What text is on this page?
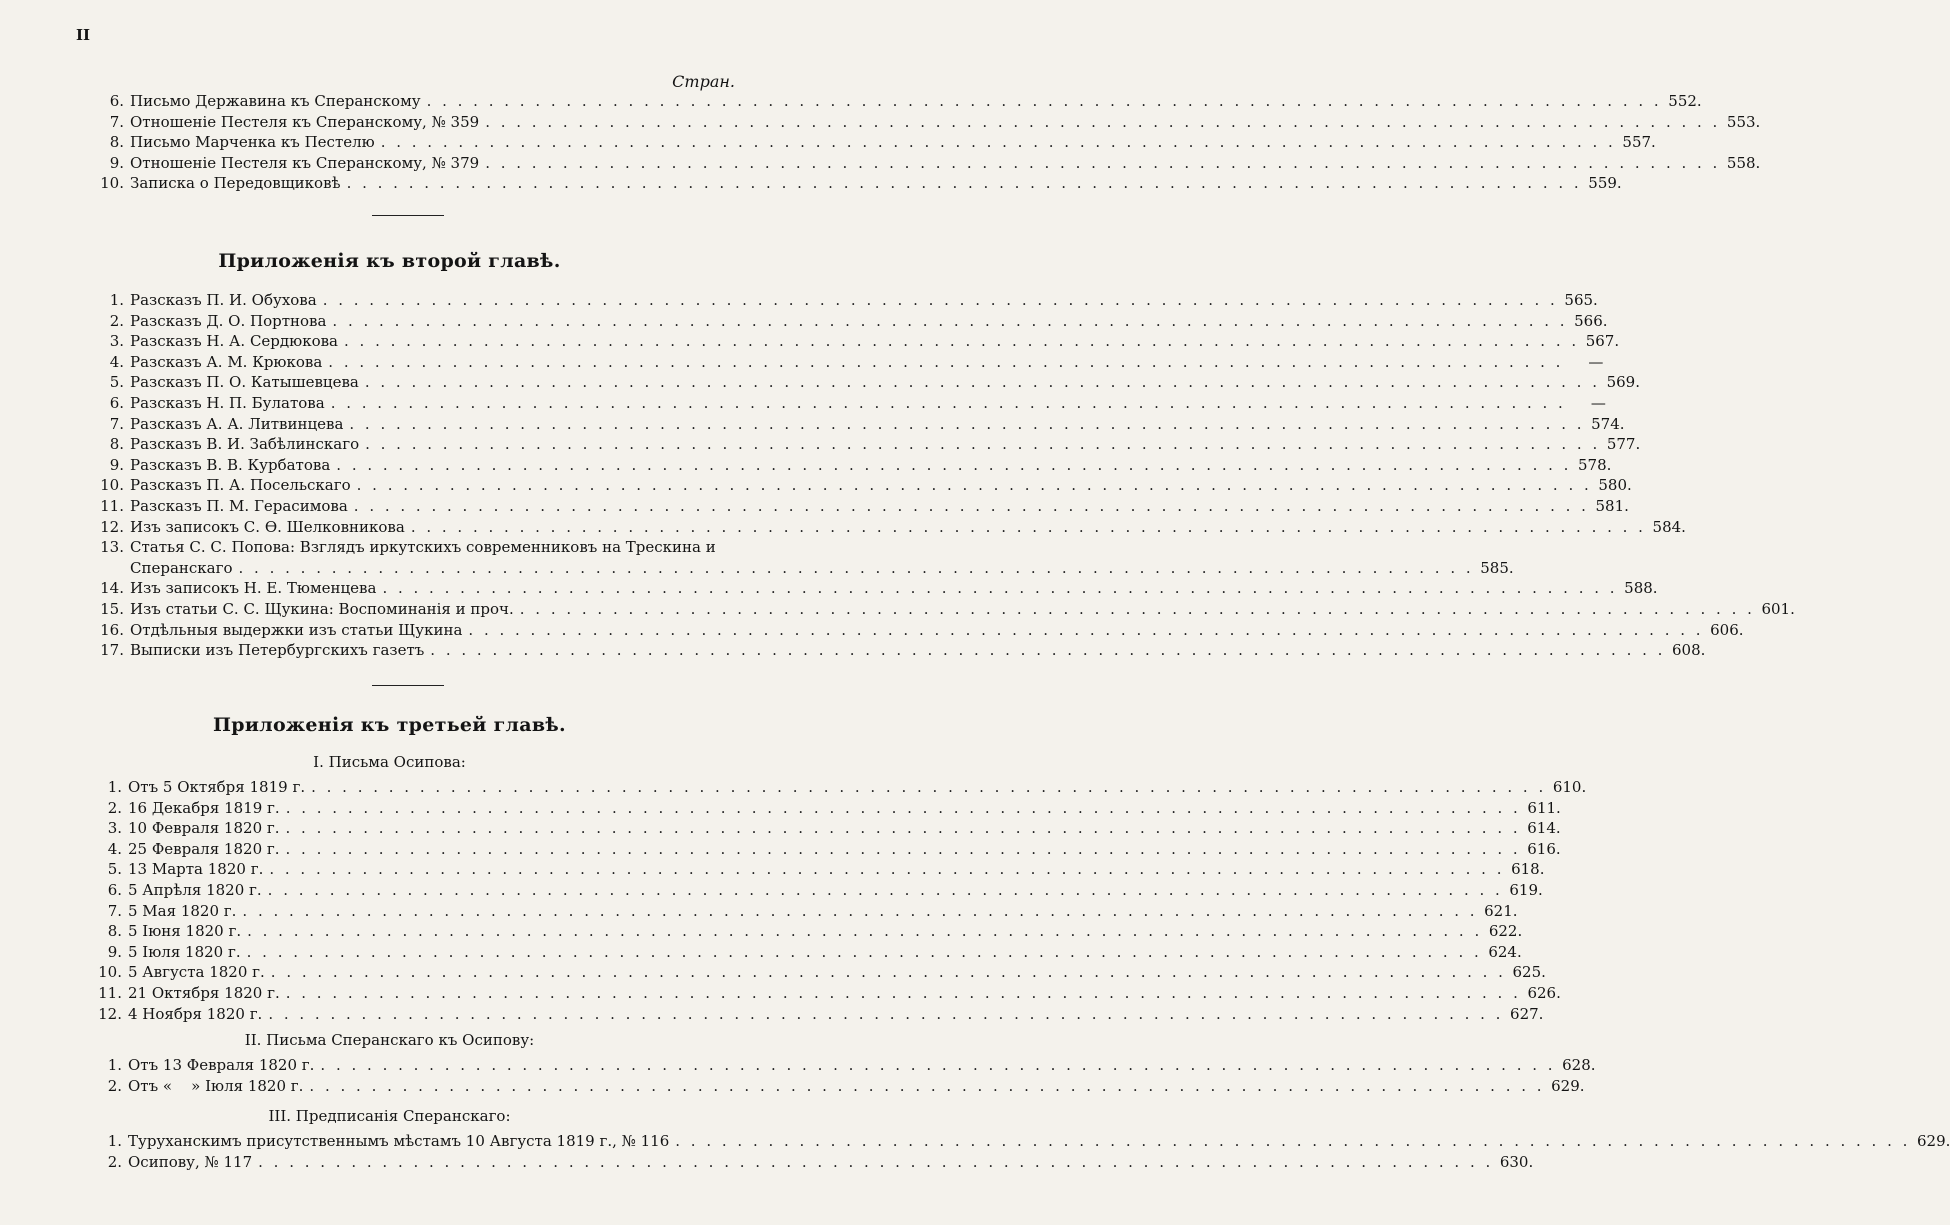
II
Стран.
6. Письмо Державина къ Сперанскому . . . . . . . . . . . . . . . . . . . . . . . . . . . . . . . . . . . . . . . . . . . . . . . . . . . . . . . . . . . . . . . . . . . . . . . . . . . . . . . . 552.
7. Отношеніе Пестеля къ Сперанскому, № 359 . . . . . . . . . . . . . . . . . . . . . . . . . . . . . . . . . . . . . . . . . . . . . . . . . . . . . . . . . . . . . . . . . . . . . . . . . . . . . . . . 553.
8. Письмо Марченка къ Пестелю . . . . . . . . . . . . . . . . . . . . . . . . . . . . . . . . . . . . . . . . . . . . . . . . . . . . . . . . . . . . . . . . . . . . . . . . . . . . . . . . 557.
9. Отношеніе Пестеля къ Сперанскому, № 379 . . . . . . . . . . . . . . . . . . . . . . . . . . . . . . . . . . . . . . . . . . . . . . . . . . . . . . . . . . . . . . . . . . . . . . . . . . . . . . . . 558.
10. Записка о Передовщиковѣ . . . . . . . . . . . . . . . . . . . . . . . . . . . . . . . . . . . . . . . . . . . . . . . . . . . . . . . . . . . . . . . . . . . . . . . . . . . . . . . . 559.
Приложенія къ второй главѣ.
1. Разсказъ П. И. Обухова . . . . . . . . . . . . . . . . . . . . . . . . . . . . . . . . . . . . . . . . . . . . . . . . . . . . . . . . . . . . . . . . . . . . . . . . . . . . . . . . 565.
2. Разсказъ Д. О. Портнова . . . . . . . . . . . . . . . . . . . . . . . . . . . . . . . . . . . . . . . . . . . . . . . . . . . . . . . . . . . . . . . . . . . . . . . . . . . . . . . . 566.
3. Разсказъ Н. А. Сердюкова . . . . . . . . . . . . . . . . . . . . . . . . . . . . . . . . . . . . . . . . . . . . . . . . . . . . . . . . . . . . . . . . . . . . . . . . . . . . . . . . 567.
4. Разсказъ А. М. Крюкова . . . . . . . . . . . . . . . . . . . . . . . . . . . . . . . . . . . . . . . . . . . . . . . . . . . . . . . . . . . . . . . . . . . . . . . . . . . . . . . .	—
5. Разсказъ П. О. Катышевцева . . . . . . . . . . . . . . . . . . . . . . . . . . . . . . . . . . . . . . . . . . . . . . . . . . . . . . . . . . . . . . . . . . . . . . . . . . . . . . . . 569.
6. Разсказъ Н. П. Булатова . . . . . . . . . . . . . . . . . . . . . . . . . . . . . . . . . . . . . . . . . . . . . . . . . . . . . . . . . . . . . . . . . . . . . . . . . . . . . . . .	—
7. Разсказъ А. А. Литвинцева . . . . . . . . . . . . . . . . . . . . . . . . . . . . . . . . . . . . . . . . . . . . . . . . . . . . . . . . . . . . . . . . . . . . . . . . . . . . . . . . 574.
8. Разсказъ В. И. Забѣлинскаго . . . . . . . . . . . . . . . . . . . . . . . . . . . . . . . . . . . . . . . . . . . . . . . . . . . . . . . . . . . . . . . . . . . . . . . . . . . . . . . . 577.
9. Разсказъ В. В. Курбатова . . . . . . . . . . . . . . . . . . . . . . . . . . . . . . . . . . . . . . . . . . . . . . . . . . . . . . . . . . . . . . . . . . . . . . . . . . . . . . . . 578.
10. Разсказъ П. А. Посельскаго . . . . . . . . . . . . . . . . . . . . . . . . . . . . . . . . . . . . . . . . . . . . . . . . . . . . . . . . . . . . . . . . . . . . . . . . . . . . . . . . 580.
11. Разсказъ П. М. Герасимова . . . . . . . . . . . . . . . . . . . . . . . . . . . . . . . . . . . . . . . . . . . . . . . . . . . . . . . . . . . . . . . . . . . . . . . . . . . . . . . . 581.
12. Изъ записокъ С. Ө. Шелковникова . . . . . . . . . . . . . . . . . . . . . . . . . . . . . . . . . . . . . . . . . . . . . . . . . . . . . . . . . . . . . . . . . . . . . . . . . . . . . . . . 584.
13. Статья С. С. Попова: Взглядъ иркутскихъ современниковъ на Трескина и
Сперанскаго . . . . . . . . . . . . . . . . . . . . . . . . . . . . . . . . . . . . . . . . . . . . . . . . . . . . . . . . . . . . . . . . . . . . . . . . . . . . . . . . 585.
14. Изъ записокъ Н. Е. Тюменцева . . . . . . . . . . . . . . . . . . . . . . . . . . . . . . . . . . . . . . . . . . . . . . . . . . . . . . . . . . . . . . . . . . . . . . . . . . . . . . . . 588.
15. Изъ статьи С. С. Щукина: Воспоминанія и проч. . . . . . . . . . . . . . . . . . . . . . . . . . . . . . . . . . . . . . . . . . . . . . . . . . . . . . . . . . . . . . . . . . . . . . . . . . . . . . . . . 601.
16. Отдѣльныя выдержки изъ статьи Щукина . . . . . . . . . . . . . . . . . . . . . . . . . . . . . . . . . . . . . . . . . . . . . . . . . . . . . . . . . . . . . . . . . . . . . . . . . . . . . . . . 606.
17. Выписки изъ Петербургскихъ газетъ . . . . . . . . . . . . . . . . . . . . . . . . . . . . . . . . . . . . . . . . . . . . . . . . . . . . . . . . . . . . . . . . . . . . . . . . . . . . . . . . 608.
Приложенія къ третьей главѣ.
I. Письма Осипова:
1. Отъ 5 Октября 1819 г. . . . . . . . . . . . . . . . . . . . . . . . . . . . . . . . . . . . . . . . . . . . . . . . . . . . . . . . . . . . . . . . . . . . . . . . . . . . . . . . . 610.
2. 16 Декабря 1819 г. . . . . . . . . . . . . . . . . . . . . . . . . . . . . . . . . . . . . . . . . . . . . . . . . . . . . . . . . . . . . . . . . . . . . . . . . . . . . . . . . 611.
3. 10 Февраля 1820 г. . . . . . . . . . . . . . . . . . . . . . . . . . . . . . . . . . . . . . . . . . . . . . . . . . . . . . . . . . . . . . . . . . . . . . . . . . . . . . . . . 614.
4. 25 Февраля 1820 г. . . . . . . . . . . . . . . . . . . . . . . . . . . . . . . . . . . . . . . . . . . . . . . . . . . . . . . . . . . . . . . . . . . . . . . . . . . . . . . . . 616.
5. 13 Марта 1820 г. . . . . . . . . . . . . . . . . . . . . . . . . . . . . . . . . . . . . . . . . . . . . . . . . . . . . . . . . . . . . . . . . . . . . . . . . . . . . . . . . 618.
6. 5 Апрѣля 1820 г. . . . . . . . . . . . . . . . . . . . . . . . . . . . . . . . . . . . . . . . . . . . . . . . . . . . . . . . . . . . . . . . . . . . . . . . . . . . . . . . . 619.
7. 5 Мая 1820 г. . . . . . . . . . . . . . . . . . . . . . . . . . . . . . . . . . . . . . . . . . . . . . . . . . . . . . . . . . . . . . . . . . . . . . . . . . . . . . . . . 621.
8. 5 Іюня 1820 г. . . . . . . . . . . . . . . . . . . . . . . . . . . . . . . . . . . . . . . . . . . . . . . . . . . . . . . . . . . . . . . . . . . . . . . . . . . . . . . . . 622.
9. 5 Іюля 1820 г. . . . . . . . . . . . . . . . . . . . . . . . . . . . . . . . . . . . . . . . . . . . . . . . . . . . . . . . . . . . . . . . . . . . . . . . . . . . . . . . . 624.
10. 5 Августа 1820 г. . . . . . . . . . . . . . . . . . . . . . . . . . . . . . . . . . . . . . . . . . . . . . . . . . . . . . . . . . . . . . . . . . . . . . . . . . . . . . . . . 625.
11. 21 Октября 1820 г. . . . . . . . . . . . . . . . . . . . . . . . . . . . . . . . . . . . . . . . . . . . . . . . . . . . . . . . . . . . . . . . . . . . . . . . . . . . . . . . . 626.
12. 4 Ноября 1820 г. . . . . . . . . . . . . . . . . . . . . . . . . . . . . . . . . . . . . . . . . . . . . . . . . . . . . . . . . . . . . . . . . . . . . . . . . . . . . . . . . 627.
II. Письма Сперанскаго къ Осипову:
1. Отъ 13 Февраля 1820 г. . . . . . . . . . . . . . . . . . . . . . . . . . . . . . . . . . . . . . . . . . . . . . . . . . . . . . . . . . . . . . . . . . . . . . . . . . . . . . . . . 628.
2. Отъ «    » Іюля 1820 г. . . . . . . . . . . . . . . . . . . . . . . . . . . . . . . . . . . . . . . . . . . . . . . . . . . . . . . . . . . . . . . . . . . . . . . . . . . . . . . . . 629.
III. Предписанія Сперанскаго:
1. Туруханскимъ присутственнымъ мѣстамъ 10 Августа 1819 г., № 116 . . . . . . . . . . . . . . . . . . . . . . . . . . . . . . . . . . . . . . . . . . . . . . . . . . . . . . . . . . . . . . . . . . . . . . . . . . . . . . . . 629.
2. Осипову, № 117 . . . . . . . . . . . . . . . . . . . . . . . . . . . . . . . . . . . . . . . . . . . . . . . . . . . . . . . . . . . . . . . . . . . . . . . . . . . . . . . . 630.
